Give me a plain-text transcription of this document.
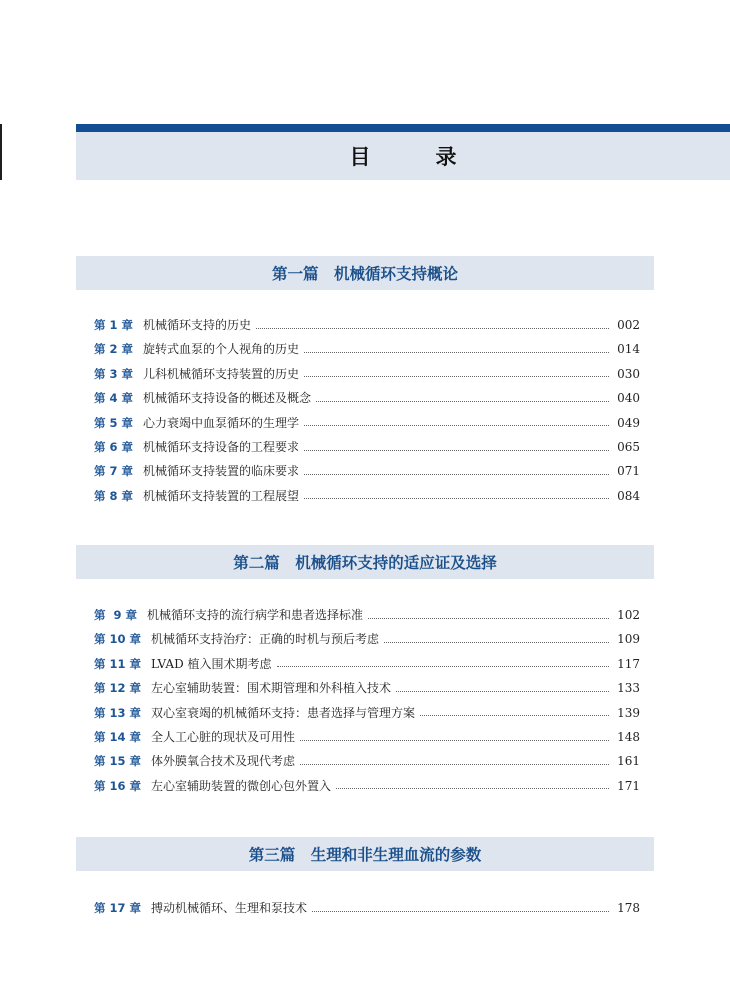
目　录
第一篇　机械循环支持概论
第 1 章 机械循环支持的历史	002
第 2 章 旋转式血泵的个人视角的历史	014
第 3 章 儿科机械循环支持装置的历史	030
第 4 章 机械循环支持设备的概述及概念	040
第 5 章 心力衰竭中血泵循环的生理学	049
第 6 章 机械循环支持设备的工程要求	065
第 7 章 机械循环支持装置的临床要求	071
第 8 章 机械循环支持装置的工程展望	084
第二篇　机械循环支持的适应证及选择
第  9 章 机械循环支持的流行病学和患者选择标准	102
第 10 章 机械循环支持治疗：正确的时机与预后考虑	109
第 11 章 LVAD 植入围术期考虑	117
第 12 章 左心室辅助装置：围术期管理和外科植入技术	133
第 13 章 双心室衰竭的机械循环支持：患者选择与管理方案	139
第 14 章 全人工心脏的现状及可用性	148
第 15 章 体外膜氧合技术及现代考虑	161
第 16 章 左心室辅助装置的微创心包外置入	171
第三篇　生理和非生理血流的参数
第 17 章 搏动机械循环、生理和泵技术	178
